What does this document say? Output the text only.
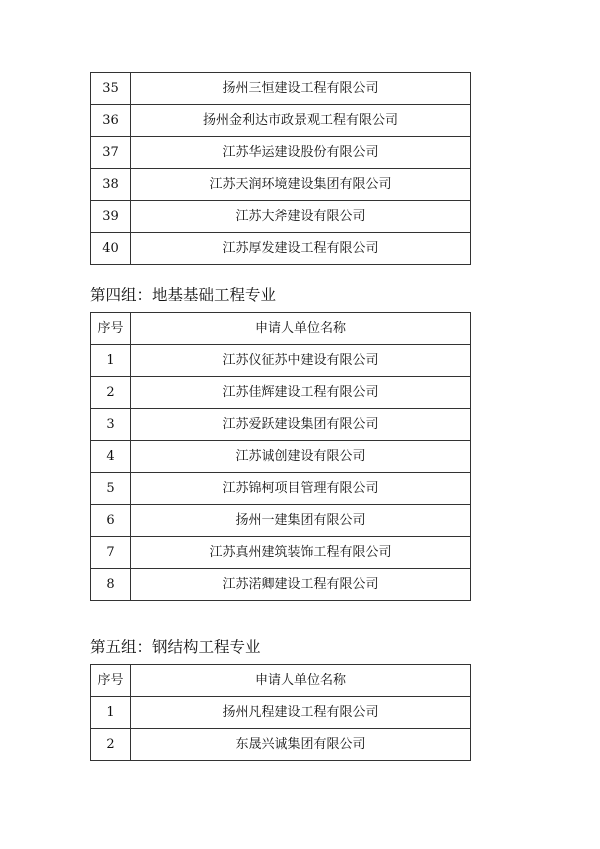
35	扬州三恒建设工程有限公司
36	扬州金利达市政景观工程有限公司
37	江苏华运建设股份有限公司
38	江苏天润环境建设集团有限公司
39	江苏大斧建设有限公司
40	江苏厚发建设工程有限公司
第四组：地基基础工程专业
序号	申请人单位名称
1	江苏仪征苏中建设有限公司
2	江苏佳辉建设工程有限公司
3	江苏爱跃建设集团有限公司
4	江苏诚创建设有限公司
5	江苏锦柯项目管理有限公司
6	扬州一建集团有限公司
7	江苏真州建筑装饰工程有限公司
8	江苏渃卿建设工程有限公司
第五组：钢结构工程专业
序号	申请人单位名称
1	扬州凡程建设工程有限公司
2	东晟兴诚集团有限公司
